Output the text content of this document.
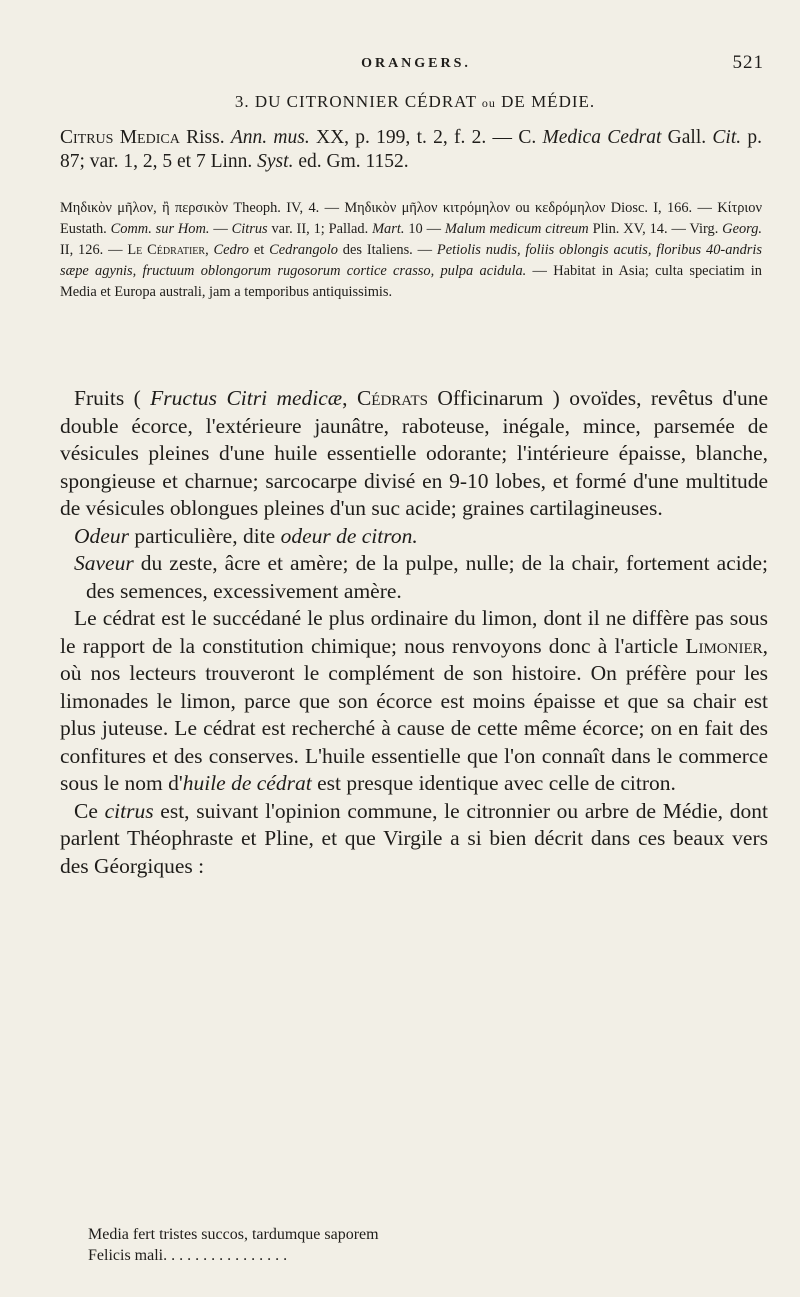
ORANGERS.	521
3. DU CITRONNIER CÉDRAT ou DE MÉDIE.
Citrus Medica Riss. Ann. mus. XX, p. 199, t. 2, f. 2. — C. Medica Cedrat Gall. Cit. p. 87; var. 1, 2, 5 et 7 Linn. Syst. ed. Gm. 1152.
Μηδικὸν μῆλον, ἢ περσικὸν Theoph. IV, 4. — Μηδικὸν μῆλον κιτρόμηλον ou κεδρόμηλον Diosc. I, 166. — Κίτριον Eustath. Comm. sur Hom. — Citrus var. II, 1; Pallad. Mart. 10 — Malum medicum citreum Plin. XV, 14. — Virg. Georg. II, 126. — Le Cédratier, Cedro et Cedrangolo des Italiens. — Petiolis nudis, foliis oblongis acutis, floribus 40-andris sæpe agynis, fructuum oblongorum rugosorum cortice crasso, pulpa acidula. — Habitat in Asia; culta speciatim in Media et Europa australi, jam a temporibus antiquissimis.

Fruits ( Fructus Citri medicæ, Cédrats Officinarum ) ovoïdes, revêtus d'une double écorce, l'extérieure jaunâtre, raboteuse, inégale, mince, parsemée de vésicules pleines d'une huile essentielle odorante; l'intérieure épaisse, blanche, spongieuse et charnue; sarcocarpe divisé en 9-10 lobes, et formé d'une multitude de vésicules oblongues pleines d'un suc acide; graines cartilagineuses.

Odeur particulière, dite odeur de citron.

Saveur du zeste, âcre et amère; de la pulpe, nulle; de la chair, fortement acide; des semences, excessivement amère.

Le cédrat est le succédané le plus ordinaire du limon, dont il ne diffère pas sous le rapport de la constitution chimique; nous renvoyons donc à l'article Limonier, où nos lecteurs trouveront le complément de son histoire. On préfère pour les limonades le limon, parce que son écorce est moins épaisse et que sa chair est plus juteuse. Le cédrat est recherché à cause de cette même écorce; on en fait des confitures et des conserves. L'huile essentielle que l'on connaît dans le commerce sous le nom d'huile de cédrat est presque identique avec celle de citron.

Ce citrus est, suivant l'opinion commune, le citronnier ou arbre de Médie, dont parlent Théophraste et Pline, et que Virgile a si bien décrit dans ces beaux vers des Géorgiques :

Media fert tristes succos, tardumque saporem
Felicis mali. . . . . . . . . . . . . . . .
